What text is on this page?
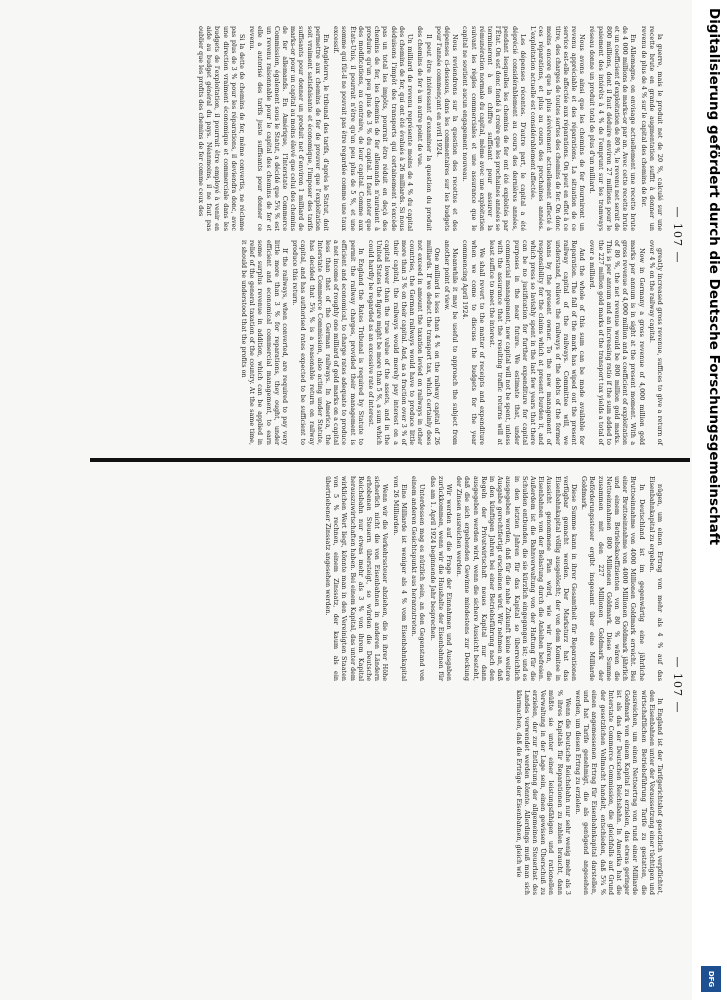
— 107 —

la guerre, mais le produit net de 20 %, calculé sur une recette brute en grande augmentation suffit à donner un revenu de plus de 4 % sur le capital des chemins de fer.

En Allemagne, on envisage actuellement une recette brute de 4 000 millions de marks-or par an. Avec cette recette brute et un coefficient d'exploitation de 80 %, le revenu net serait de 800 millions, dont il faut déduire environ 27 millions pour le paiement des intérêts à 4 % de l'emprunt sur les tramways réseau donne un produit total de plus d'un milliard.

Nous avons ainsi que les chemins de fer fourniront un revenu appréciable et des réparations. La situation de ce service est-elle affectée aux réparations. On peut en effet à ce titre, des charges de toutes sortes des chemins de fer. On donc moins encore que la plus sévèrement actuellement affecté à ces réparations, et plus au cours des prochaines années. L'exploitation actuelle est considérablement affectée.

Les dépenses récentes. D'autre part, le capital a été déprécié considérablement au cours des dernières années, pendant lesquelles les chemins de fer ont été exploités par l'État. On est donc fondé à croire que les prochaines années se termineront à un chiffre suffisant pour assurer la rémunération normale du capital, même avec une exploitation suivant les règles commerciales et une assurance que le capital ne soutient aucun engagement nouveau.

Nous reviendrons sur la question des recettes et des dépenses ci-dessous, dans les commentaires sur les budgets pour l'année commençant en avril 1924.

Il peut être intéressant d'examiner la question du produit des chemins de fer à un autre point de vue.

Un milliard de revenu représente moins de 4 % du capital des chemins de fer, qui ont été évalués à 26 milliards. Si nous déduisons l'impôt des transports qui certainement n'excède pas un total les impôts, pourrait être réduit en deçà des chemins de fer, les chemins de fer allemands n'auraient à produire qu'un peu plus de 3 % du capital. Il faut noter que des modifications, au contraire, de leur capital. Comme aux États-Unis, il pourrait n'être qu'un peu plus de 5 %, et une somme qui fût-il ne pouvait pas être regardée comme une taux excessif.

En Angleterre, le tribunal des tarifs, d'après le Statut, doit permettre aux chemins de fer de prouver que l'exploitation soit vraiment satisfaisante et économique, l'imposer des tarifs suffisants pour donner un produit net d'environ 1 milliard de marks-or pour un capital au moins élevé que celui des chemins de fer allemands. En Amérique, l'Interstate Commerce Commission, également sous le Statut, a décidé que 5¾ % est un revenu raisonnable pour le capital des chemins de fer et elle a autorisé des tarifs juste suffisants pour donner ce revenu.

Si la dette de chemins de fer, même convertis, ne réclame pas plus de 3 % pour les réparations, il deviendra donc, avec une direction vraiment économique et commerciale dans les budgets de l'exploitation, il pourrait être employé à venir en aide au budget général du pays. Néanmoins, il ne faut pas oublier que les profits des chemins de fer comme ceux des

greatly increased gross revenue, suffices to give a return of over 4 % on the railway capital.

Now in Germany a gross revenue of 4,000 million gold marks per annum is in sight at the present moment. With a gross revenue of 4,000 million and a coefficient of exploitation of 80 %, the net revenue would be 800 million gold marks. This is per annum and an increasing ratio if the sum added to the 227 million gold marks of the transport tax yields a total of over a milliard.

And the whole of this sum can be made available for Reparation. The fall of the mark has wiped out the present railway capital of the railways. Committee will, we understand, relieve the railways of the debts of the former loans by the present owner. To the new management of responsibility for the claims which at present burden it, and which press so lavishly spent in the last few years that there can be no justification for further expenditure for capital purposes in the near future. We estimate that, under commercial management, new capital will not be spent, unless with the assurance that the resulting traffic returns will at least suffice to meet the interest.

We shall revert to the matter of receipts and expenditure when we come to discuss the budgets for the year commencing April 1924.

Meanwhile it may be useful to approach the subject from another point of view.

One milliard is less than 4 % on the railway capital of 26 milliards. If we deduct the transport tax, which certainly does not exceed in amount the taxation levied on railways in other countries, the German railways would have to produce little more than 3 % on their capital. And, as a fraction over 3 % of their capital, the railways would merely pay interest on a capital lower than the true value of the assets, and in the United States the figure might be more than 5 %, a sum which could hardly be regarded as an excessive rate of interest.

In England the Rates Tribunal is required by Statute to permit the railway charges, provided their management is efficient and economical, to charge rates adequate to produce a net income of roughly one milliard of gold marks on a capital less than that of the German railways. In America, the Interstate Commerce Commission, also acting under Statute, has decided that 5¾ % is a reasonable return on railway capital, and has authorised rates expected to be sufficient to produce this return.

If the railways, when converted, are required to pay very little more than 3 % for reparations, they ought, under efficient and economical commercial management, to earn some surplus revenue in addition, which can be applied in relief of the general taxation of the country. At the same time, it should be understood that the profits on

— 107 —

nügen, um einen Ertrag von mehr als 4 % auf das Eisenbahnkapital zu ergeben.

In Deutschland ist im gegenwärtig eine jährliche Bruttoeinnahme von 4000 Millionen Goldmark erreicht. Bei einer Bruttoeinnahme von 4000 Millionen Goldmark jährlich und einem Betriebskoeffizienten von 80 % wären die Nettoeinnahmen 800 Millionen Goldmark. Diese Summe zusammen mit den 227 Millionen Goldmark der Beförderungssteuer ergibt insgesamt über eine Milliarde Goldmark.

Diese Summe kann in ihrer Gesamtheit für Reparationen verfügbar gemacht werden. Der Marksturz hat das Eisenbahnkapital völlig ausgelöscht; der von dem Komitee in Aussicht genommene Plan wird, wie wir hören, die Eisenbahnen von der Belastung durch die Anleihen befreien. Außerdem ist die Bahnverwaltung von der Haftung für die Schulden entbunden, die sie kürzlich eingegangen ist; und es in den letzten Jahren für das Kapital so überreichlich ausgegeben worden, daß für die nahe Zukunft keine weitere Ausgabe gerechtfertigt erscheinen wird. Wir nehmen an, daß in den künftigen Jahren bei einer Betriebsführung nach den Regeln der Privatwirtschaft neues Kapital nur dann ausgegeben werden wird, wenn die sichere Aussicht besteht, daß die sich ergebenden Gewinne mindestens zur Deckung der Zinsen ausreichen werden.

Wir werden auf die Frage der Einnahmen und Ausgaben zurückkommen, wenn wir die Haushalte der Eisenbahnen für das am 1. April 1924 beginnende Jahr besprechen.

Unterdessen mag es nützlich sein, an den Gegenstand von einem anderen Gesichtspunkt aus heranzutreten.

Eine Milliarde ist weniger als 4 % vom Eisenbahnkapital von 26 Milliarden.

Wenn wir die Verkehrssteuer abziehen, die in ihrer Höhe sicherlich nicht die von Eisenbahnen in anderen Ländern erhobenen Steuern übersteigt, so würden die Deutsche Reichsbahn nur etwas mehr als 3 % von ihrem Kapital herauszuwirtschaften haben. Bei einem Kapital, das unter dem wirklichen Wert liegt, könnte man in den Vereinigten Staaten von 5 % rechnen, einem Zinssatz, der kaum als ein übertriebener Zinssatz angesehen werden.

In England ist der Tarifgerichtshof gesetzlich verpflichtet, den Eisenbahnen unter der Voraussetzung einer tüchtigen und wirtschaftlichen Betriebsführung Tarife zu gestatten, die ausreichen, um einen Nettoertrag von rund einer Milliarde Goldmark von einem Kapital zu erzielen, das etwas geringer ist als das der Deutschen Reichsbahn. In Amerika hat die Interstate Commerce Commission, die gleichfalls auf Grund der gesetzlichen Vollmacht handelt, entschieden, daß 5¾ % einen angemessenen Ertrag für Eisenbahnkapital darstellen, und hat Tarife genehmigt, die als genügend angesehen werden, um diesen Ertrag zu erzielen.

Wenn die Deutsche Reichsbahn nur sehr wenig mehr als 3 % ihres Kapitals für Reparationen zu zahlen braucht, dann müßte sie unter einer leistungsfähigen und rationellen Verwaltung in der Lage sein, einen gewissen Überschuß zu erzielen, der zur Entlastung der allgemeinen Steuerlast des Landes verwendet werden könnte. Allerdings muß man sich klarmachen, daß die Erträge der Eisenbahnen, gleich wie

Digitalisierung gefördert durch die Deutsche Forschungsgemeinschaft
DFG
